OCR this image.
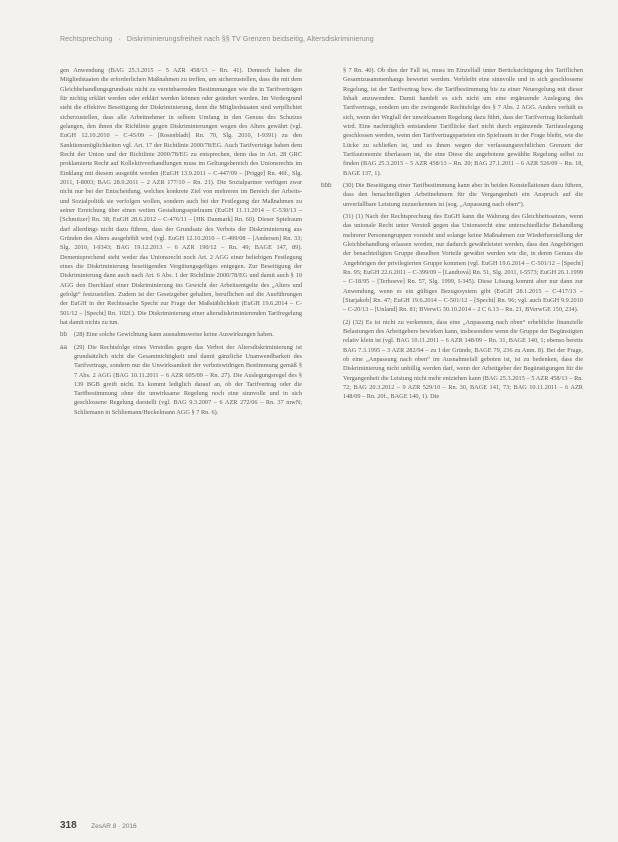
Rechtsprechung · Diskriminierungsfreiheit nach §§ TV Grenzen beidseitig, Altersdiskriminierung

gen Anwendung (BAG 25.3.2015 – 5 AZR 458/13 – Rn. 41). Dennoch haben die Mitgliedstaaten die erforderlichen Maßnahmen zu treffen, um sicherzustellen, dass die mit dem Gleichbehandlungsgrundsatz nicht zu vereinbarenden Bestimmungen wie die in Tarifverträgen für nichtig erklärt werden oder erklärt werden können oder geändert werden. Im Vordergrund steht die effektive Beseitigung der Diskriminierung, denn die Mitgliedstaaten sind verpflichtet sicherzustellen, dass alle Arbeitnehmer in selbem Umfang in den Genuss des Schutzes gelangen, den ihnen die Richtlinie gegen Diskriminierungen wegen des Alters gewährt (vgl. EuGH 12.10.2010 – C-45/09 – [Rosenbladt] Rn. 70, Slg. 2010, I-9391) zu den Sanktionsmöglichkeiten vgl. Art. 17 der Richtlinie 2000/78/EG. Auch Tarifverträge haben dem Recht der Union und der Richtlinie 2000/78/EG zu entsprechen, denn das in Art. 28 GRC proklamierte Recht auf Kollektivverhandlungen muss im Geltungsbereich des Unionsrechts im Einklang mit diesem ausgeübt werden (EuGH 13.9.2011 – C-447/09 – [Prigge] Rn. 46f., Slg. 2011, I-8003; BAG 28.9.2011 – 2 AZR 177/10 – Rn. 21). Die Sozialpartner verfügen zwar nicht nur bei der Entscheidung, welches konkrete Ziel von mehreren im Bereich der Arbeits- und Sozialpolitik sie verfolgen wollen, sondern auch bei der Festlegung der Maßnahmen zu seiner Erreichung über einen weiten Gestaltungsspielraum (EuGH 11.11.2014 – C-530/13 – [Schmitzer] Rn. 38; EuGH 28.6.2012 – C-476/11 – [HK Danmark] Rn. 60). Dieser Spielraum darf allerdings nicht dazu führen, dass der Grundsatz des Verbots der Diskriminierung aus Gründen des Alters ausgehöhlt wird (vgl. EuGH 12.10.2010 – C-499/08 – [Andersen] Rn. 33; Slg. 2010, I-9343; BAG 19.12.2013 – 6 AZR 190/12 – Rn. 49; BAGE 147, 89). Dementsprechend steht weder das Unionsrecht noch Art. 2 AGG einer beliebigen Festlegung eines die Diskriminierung beseitigenden Vergütungsgefüges entgegen. Zur Beseitigung der Diskriminierung dann auch nach Art. 6 Abs. 1 der Richtlinie 2000/78/EG und damit auch § 10 AGG den Durchlauf einer Diskriminierung ins Gewicht der Arbeitsentgelte des „Alters und gefolgt“ festzustellen. Zudem ist der Gesetzgeber gehalten, beruflichen auf die Ausführungen der EuGH in der Rechtssache Specht zur Frage der Maßstäblichkeit (EuGH 19.6.2014 – C-501/12 – [Specht] Rn. 102f.). Die Diskriminierung einer altersdiskriminierenden Tarifregelung hat damit nichts zu tun.

bb (28) Eine solche Gewichtung kann ausnahmsweise keine Auswirkungen haben.

aa (29) Die Rechtsfolge eines Verstoßes gegen das Verbot der Altersdiskriminierung ist grundsätzlich nicht die Gesamtnichtigkeit und damit gänzliche Unanwendbarkeit des Tarifvertrags, sondern nur die Unwirksamkeit der verbotswidrigen Bestimmung gemäß § 7 Abs. 2 AGG (BAG 10.11.2011 – 6 AZR 605/09 – Rn. 27). Die Auslegungsregel des § 139 BGB greift nicht. Es kommt lediglich darauf an, ob der Tarifvertrag oder die Tarifbestimmung ohne die unwirksame Regelung noch eine sinnvolle und in sich geschlossene Regelung darstellt (vgl. BAG 9.3.2007 – 6 AZR 272/06 – Rn. 37 mwN; Schliemann in Schliemann/Heckelmann AGG § 7 Rn. 6).

§ 7 Rn. 40). Ob dies der Fall ist, muss im Einzelfall unter Berücksichtigung des Tariflichen Gesamtzusammenhangs bewertet werden. Verbleibt eine sinnvolle und in sich geschlossene Regelung, ist der Tarifvertrag bzw. die Tarifbestimmung bis zu einer Neuregelung mit dieser Inhalt anzuwenden. Damit handelt es sich nicht um eine ergänzende Auslegung des Tarifvertrags, sondern um die zwingende Rechtsfolge des § 7 Abs. 2 AGG. Anders verhält es sich, wenn der Wegfall der unwirksamen Regelung dazu führt, dass der Tarifvertrag lückenhaft wird. Eine nachträglich entstandene Tariflücke darf nicht durch ergänzende Tarifauslegung geschlossen werden, wenn den Tarifvertragsparteien ein Spielraum in der Frage bleibt, wie die Lücke zu schließen ist, und es ihnen wegen der verfassungsrechtlichen Grenzen der Tarifautonomie überlassen ist, die eine Diese die angebotene gewählte Regelung selbst zu finden (BAG 25.3.2015 – 5 AZR 458/13 – Rn. 20; BAG 27.1.2011 – 6 AZR 526/09 – Rn. 18, BAGE 137, 1).

bbb (30) Die Beseitigung einer Tarifbestimmung kann aber in beiden Konstellationen dazu führen, dass den benachteiligten Arbeitnehmern für die Vergangenheit ein Anspruch auf die unverfallbare Leistung zuzuerkennen ist (sog. „Anpassung nach oben“).

(31) (1) Nach der Rechtsprechung des EuGH kann die Wahrung des Gleichheitssatzes, wenn das unionale Recht unter Verstoß gegen das Unionsrecht eine unterschiedliche Behandlung mehrerer Personengruppen vorsieht und solange keine Maßnahmen zur Wiederherstellung der Gleichbehandlung erlassen worden, nur dadurch gewährleistet werden, dass den Angehörigen der benachteiligten Gruppe dieselben Vorteile gewährt werden wie die, in deren Genuss die Angehörigen der privilegierten Gruppe kommen (vgl. EuGH 19.6.2014 – C-501/12 – [Specht] Rn. 95; EuGH 22.6.2011 – C-399/09 – [Landtová] Rn. 51, Slg. 2011, I-5573; EuGH 26.1.1999 – C-18/95 – [Terhoeve] Rn. 57, Slg. 1999, I-345). Diese Lösung kommt aber nur dann zur Anwendung, wenn es ein gültiges Bezugssystem gibt (EuGH 28.1.2015 – C-417/13 – [Starjakob] Rn. 47; EuGH 19.6.2014 – C-501/12 – [Specht] Rn. 96; vgl. auch EuGH 9.9.2010 – C-20/13 – [Unland] Rn. 81; BVerwG 30.10.2014 – 2 C 6.13 – Rn. 21, BVerwGE 150, 234).

(2) (32) Es ist nicht zu verkennen, dass eine „Anpassung nach oben“ erhebliche finanzielle Belastungen des Arbeitgebers bewirken kann, insbesondere wenn die Gruppe der Begünstigten relativ klein ist (vgl. BAG 10.11.2011 – 6 AZR 148/09 – Rn. 31, BAGE 140, 1; ebenso bereits BAG 7.3.1995 – 3 AZR 282/94 – zu I der Gründe, BAGE 79, 236 zu Anm. 8). Bei der Frage, ob eine „Anpassung nach oben“ im Ausnahmefall geboten ist, ist zu bedenken, dass die Diskriminierung nicht unbillig werden darf, wenn der Arbeitgeber der Begünstigungen für die Vergangenheit die Leistung nicht mehr entziehen kann (BAG 25.3.2015 – 5 AZR 458/13 – Rn. 72; BAG 20.3.2012 – 9 AZR 529/10 – Rn. 30, BAGE 141, 73; BAG 10.11.2011 – 6 AZR 148/09 – Rn. 20f., BAGE 140, 1). Die

318 ZesAR 8 · 2016
